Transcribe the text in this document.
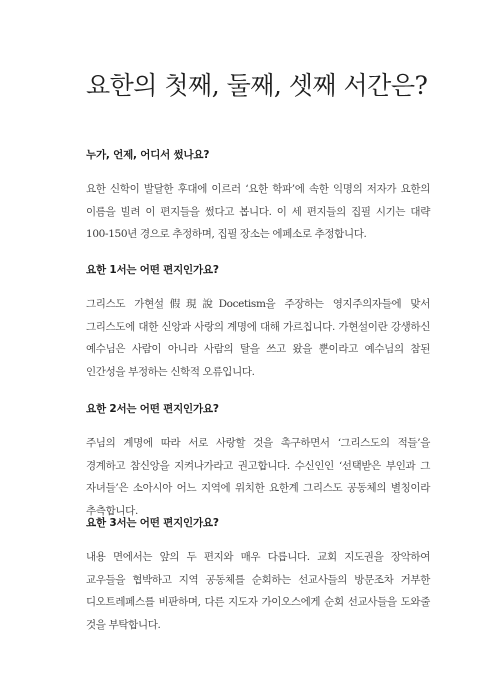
요한의 첫째, 둘째, 셋째 서간은?
누가, 언제, 어디서 썼나요?

요한 신학이 발달한 후대에 이르러 ‘요한 학파’에 속한 익명의 저자가 요한의 이름을 빌려 이 편지들을 썼다고 봅니다. 이 세 편지들의 집필 시기는 대략 100-150년 경으로 추정하며, 집필 장소는 에페소로 추정합니다.

요한 1서는 어떤 편지인가요?

그리스도 가현설假現說Docetism을 주장하는 영지주의자들에 맞서 그리스도에 대한 신앙과 사랑의 계명에 대해 가르칩니다. 가현설이란 강생하신 예수님은 사람이 아니라 사람의 탈을 쓰고 왔을 뿐이라고 예수님의 참된 인간성을 부정하는 신학적 오류입니다.

요한 2서는 어떤 편지인가요?

주님의 계명에 따라 서로 사랑할 것을 촉구하면서 ‘그리스도의 적들’을 경계하고 참신앙을 지켜나가라고 권고합니다. 수신인인 ‘선택받은 부인과 그 자녀들’은 소아시아 어느 지역에 위치한 요한계 그리스도 공동체의 별칭이라 추측합니다.

요한 3서는 어떤 편지인가요?

내용 면에서는 앞의 두 편지와 매우 다릅니다. 교회 지도권을 장악하여 교우들을 협박하고 지역 공동체를 순회하는 선교사들의 방문조차 거부한 디오트레페스를 비판하며, 다른 지도자 가이오스에게 순회 선교사들을 도와줄 것을 부탁합니다.
